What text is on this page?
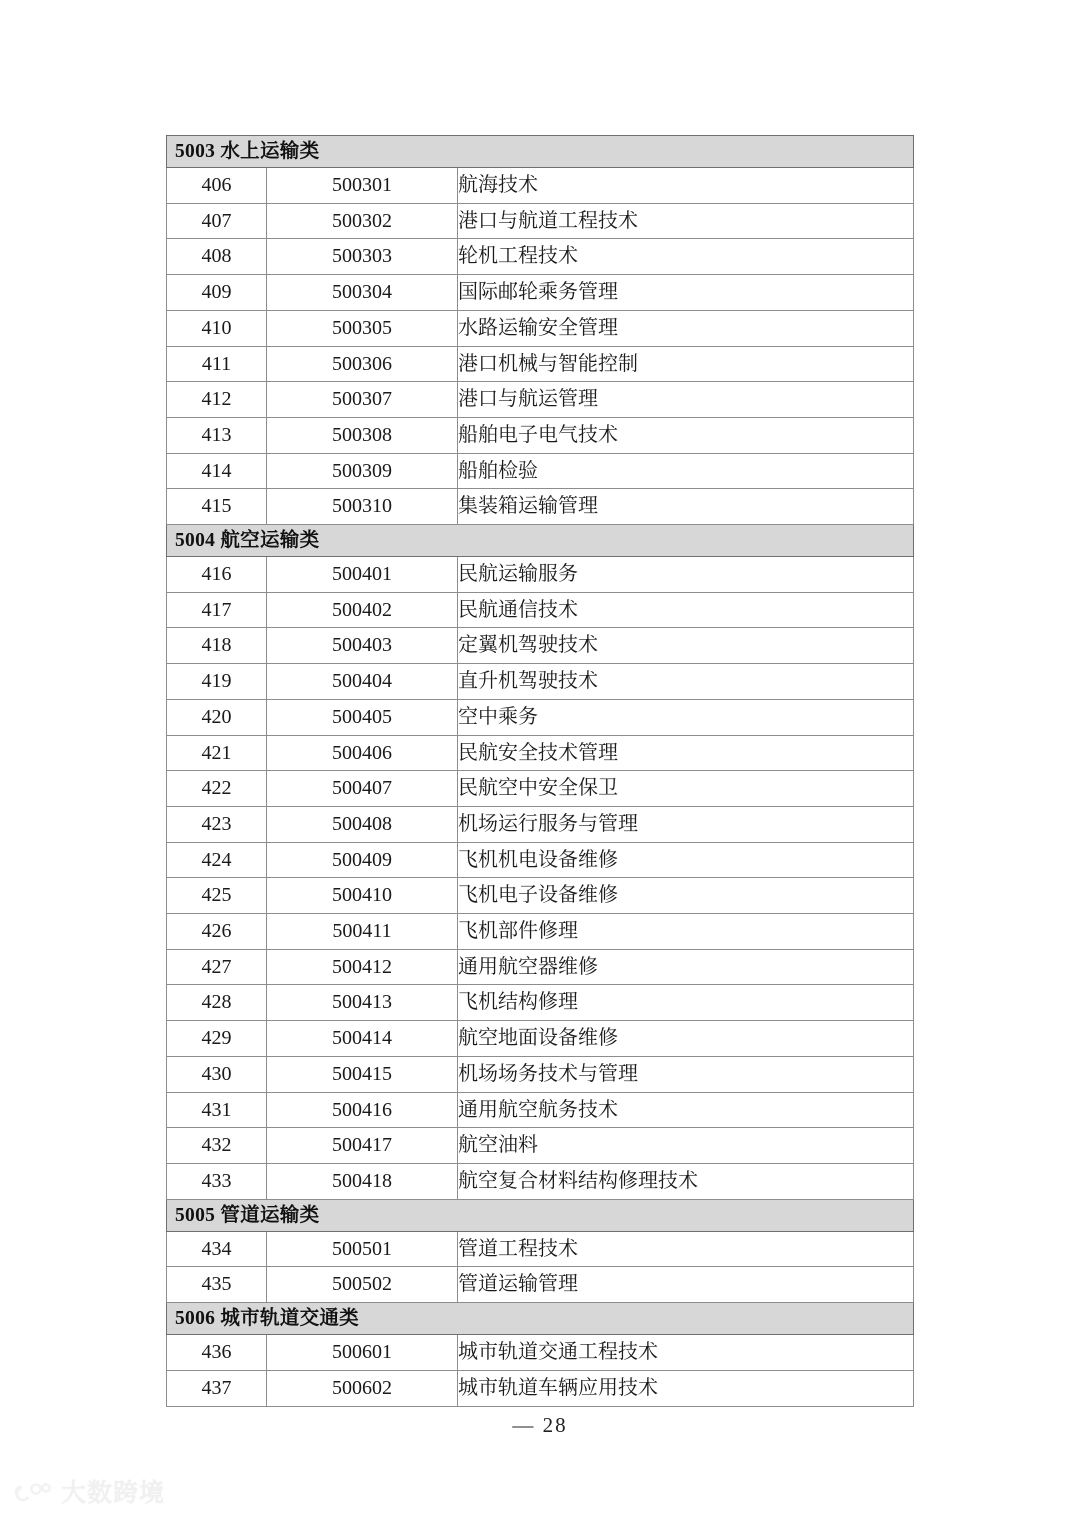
5003 水上运输类		

406	500301	航海技术
407	500302	港口与航道工程技术
408	500303	轮机工程技术
409	500304	国际邮轮乘务管理
410	500305	水路运输安全管理
411	500306	港口机械与智能控制
412	500307	港口与航运管理
413	500308	船舶电子电气技术
414	500309	船舶检验
415	500310	集装箱运输管理

5004 航空运输类		

416	500401	民航运输服务
417	500402	民航通信技术
418	500403	定翼机驾驶技术
419	500404	直升机驾驶技术
420	500405	空中乘务
421	500406	民航安全技术管理
422	500407	民航空中安全保卫
423	500408	机场运行服务与管理
424	500409	飞机机电设备维修
425	500410	飞机电子设备维修
426	500411	飞机部件修理
427	500412	通用航空器维修
428	500413	飞机结构修理
429	500414	航空地面设备维修
430	500415	机场场务技术与管理
431	500416	通用航空航务技术
432	500417	航空油料
433	500418	航空复合材料结构修理技术

5005 管道运输类		

434	500501	管道工程技术
435	500502	管道运输管理

5006 城市轨道交通类		

436	500601	城市轨道交通工程技术
437	500602	城市轨道车辆应用技术
— 28
大数跨境
